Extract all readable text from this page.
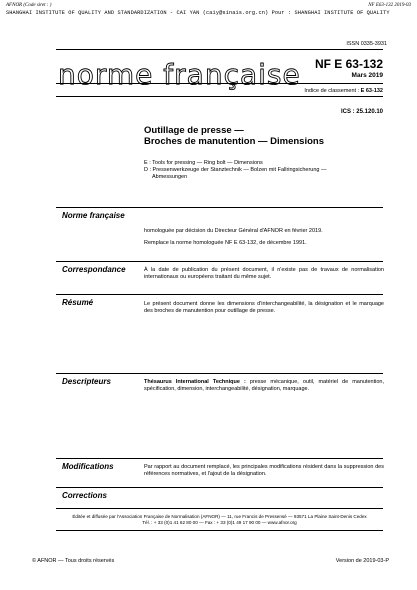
AFNOR (Code siret : )	NF E63-132 2019-03
SHANGHAI INSTITUTE OF QUALITY AND STANDARDIZATION - CAI YAN (caiy@sinais.org.cn) Pour : SHANGHAI INSTITUTE OF QUALITY
ISSN 0335-3931
norme française NF E 63-132
Mars 2019
Indice de classement : E 63-132
ICS : 25.120.10
Outillage de presse —
Broches de manutention — Dimensions
E : Tools for pressing — Ring bolt — Dimensions
D : Pressenwerkzeuge der Stanztechnik — Bolzen mit Fallringsicherung —
Abmessungen
Norme française

homologuée par décision du Directeur Général d'AFNOR en février 2019.

Remplace la norme homologuée NF E 63-132, de décembre 1991.

Correspondance	À la date de publication du présent document, il n'existe pas de travaux de normalisation internationaux ou européens traitant du même sujet.
Résumé	Le présent document donne les dimensions d'interchangeabilité, la désignation et le marquage des broches de manutention pour outillage de presse.
Descripteurs	Thésaurus International Technique : presse mécanique, outil, matériel de manutention, spécification, dimension, interchangeabilité, désignation, marquage.
Modifications	Par rapport au document remplacé, les principales modifications résident dans la suppression des références normatives, et l'ajout de la désignation.
Corrections
Éditée et diffusée par l'Association Française de Normalisation (AFNOR) — 11, rue Francis de Pressensé — 93571 La Plaine Saint-Denis Cedex
Tél. : + 33 (0)1 41 62 80 00 — Fax : + 33 (0)1 49 17 90 00 — www.afnor.org
© AFNOR — Tous droits réservés	Version de 2019-03-P
